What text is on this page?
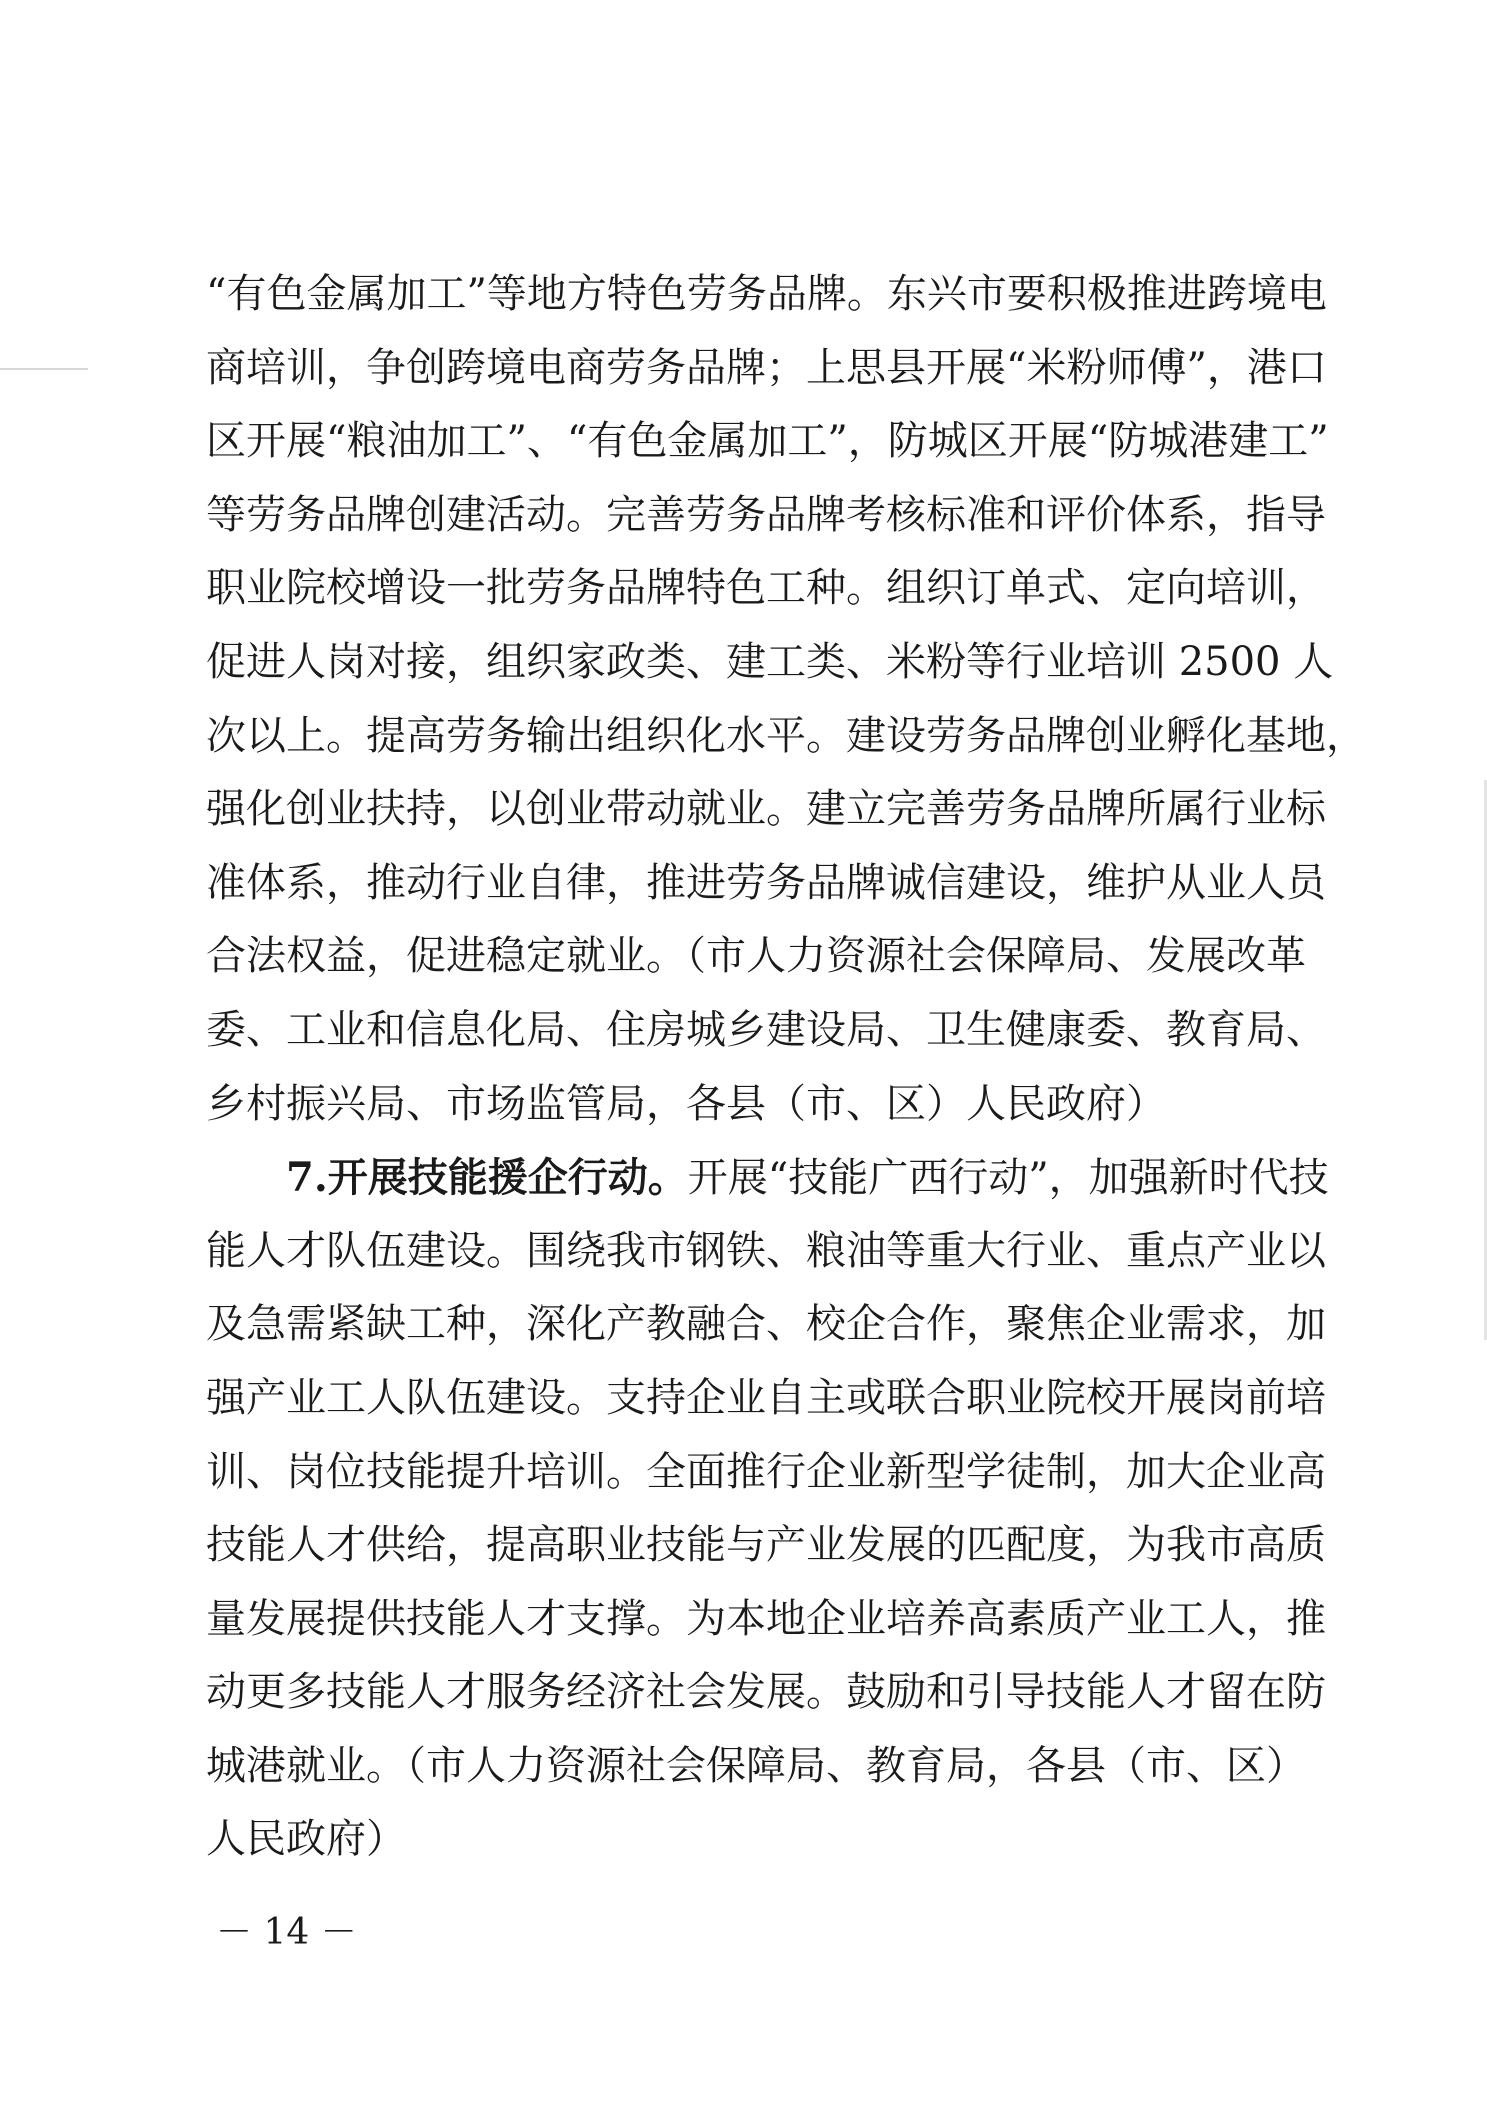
“有色金属加工”等地方特色劳务品牌。东兴市要积极推进跨境电
商培训，争创跨境电商劳务品牌；上思县开展“米粉师傅”，港口
区开展“粮油加工”、“有色金属加工”，防城区开展“防城港建工”
等劳务品牌创建活动。完善劳务品牌考核标准和评价体系，指导
职业院校增设一批劳务品牌特色工种。组织订单式、定向培训，
促进人岗对接，组织家政类、建工类、米粉等行业培训 2500 人
次以上。提高劳务输出组织化水平。建设劳务品牌创业孵化基地，
强化创业扶持，以创业带动就业。建立完善劳务品牌所属行业标
准体系，推动行业自律，推进劳务品牌诚信建设，维护从业人员
合法权益，促进稳定就业。（市人力资源社会保障局、发展改革
委、工业和信息化局、住房城乡建设局、卫生健康委、教育局、
乡村振兴局、市场监管局，各县（市、区）人民政府）
7.开展技能援企行动。开展“技能广西行动”，加强新时代技
能人才队伍建设。围绕我市钢铁、粮油等重大行业、重点产业以
及急需紧缺工种，深化产教融合、校企合作，聚焦企业需求，加
强产业工人队伍建设。支持企业自主或联合职业院校开展岗前培
训、岗位技能提升培训。全面推行企业新型学徒制，加大企业高
技能人才供给，提高职业技能与产业发展的匹配度，为我市高质
量发展提供技能人才支撑。为本地企业培养高素质产业工人，推
动更多技能人才服务经济社会发展。鼓励和引导技能人才留在防
城港就业。（市人力资源社会保障局、教育局，各县（市、区）
人民政府）
－ 14 －
